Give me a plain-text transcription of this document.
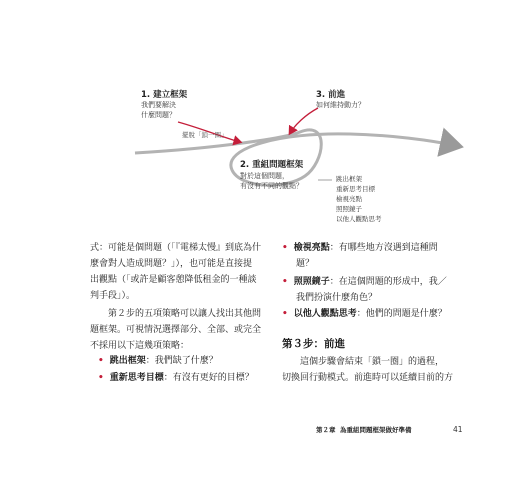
1. 建立框架
我們要解決
什麼問題？
3. 前進
如何維持動力？
擺脫「鎖一圈」
2. 重組問題框架
對於這個問題，
有沒有不同的觀點？
跳出框架
重新思考目標
檢視亮點
照照鏡子
以他人觀點思考
式：可能是個問題（「『電梯太慢』到底為什
麼會對人造成問題？」），也可能是直接提
出觀點（「或許是顧客憩降低租金的一種談
判手段」）。
第２步的五項策略可以讓人找出其他問
題框架。可視情況選擇部分、全部、或完全
不採用以下這幾項策略：
• 跳出框架：我們缺了什麼？
• 重新思考目標：有沒有更好的目標？
• 檢視亮點：有哪些地方沒遇到這種問
題？
• 照照鏡子：在這個問題的形成中，我／
我們扮演什麼角色？
• 以他人觀點思考：他們的問題是什麼？
第３步：前進
這個步驟會結束「鎖一圈」的過程，
切換回行動模式。前進時可以延續目前的方
第２章 為重組問題框架做好準備	41
